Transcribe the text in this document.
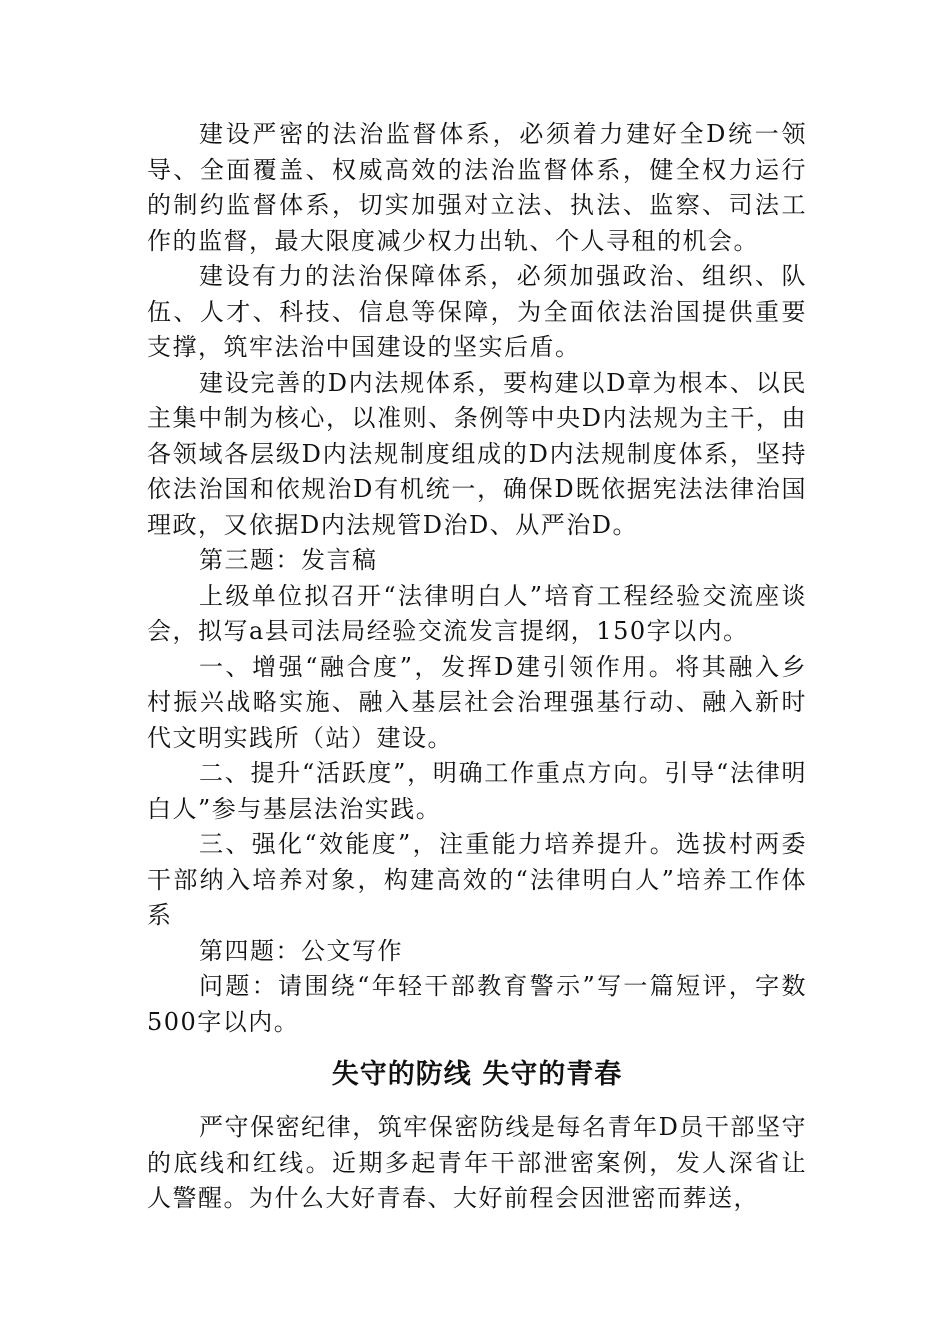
建设严密的法治监督体系，必须着力建好全D统一领导、全面覆盖、权威高效的法治监督体系，健全权力运行的制约监督体系，切实加强对立法、执法、监察、司法工作的监督，最大限度减少权力出轨、个人寻租的机会。

建设有力的法治保障体系，必须加强政治、组织、队伍、人才、科技、信息等保障，为全面依法治国提供重要支撑，筑牢法治中国建设的坚实后盾。

建设完善的D内法规体系，要构建以D章为根本、以民主集中制为核心，以准则、条例等中央D内法规为主干，由各领域各层级D内法规制度组成的D内法规制度体系，坚持依法治国和依规治D有机统一，确保D既依据宪法法律治国理政，又依据D内法规管D治D、从严治D。

第三题：发言稿

上级单位拟召开“法律明白人”培育工程经验交流座谈会，拟写a县司法局经验交流发言提纲，150字以内。

一、增强“融合度”，发挥D建引领作用。将其融入乡村振兴战略实施、融入基层社会治理强基行动、融入新时代文明实践所（站）建设。

二、提升“活跃度”，明确工作重点方向。引导“法律明白人”参与基层法治实践。

三、强化“效能度”，注重能力培养提升。选拔村两委干部纳入培养对象，构建高效的“法律明白人”培养工作体系

第四题：公文写作

问题：请围绕“年轻干部教育警示”写一篇短评，字数500字以内。

失守的防线 失守的青春

严守保密纪律，筑牢保密防线是每名青年D员干部坚守的底线和红线。近期多起青年干部泄密案例，发人深省让人警醒。为什么大好青春、大好前程会因泄密而葬送，
